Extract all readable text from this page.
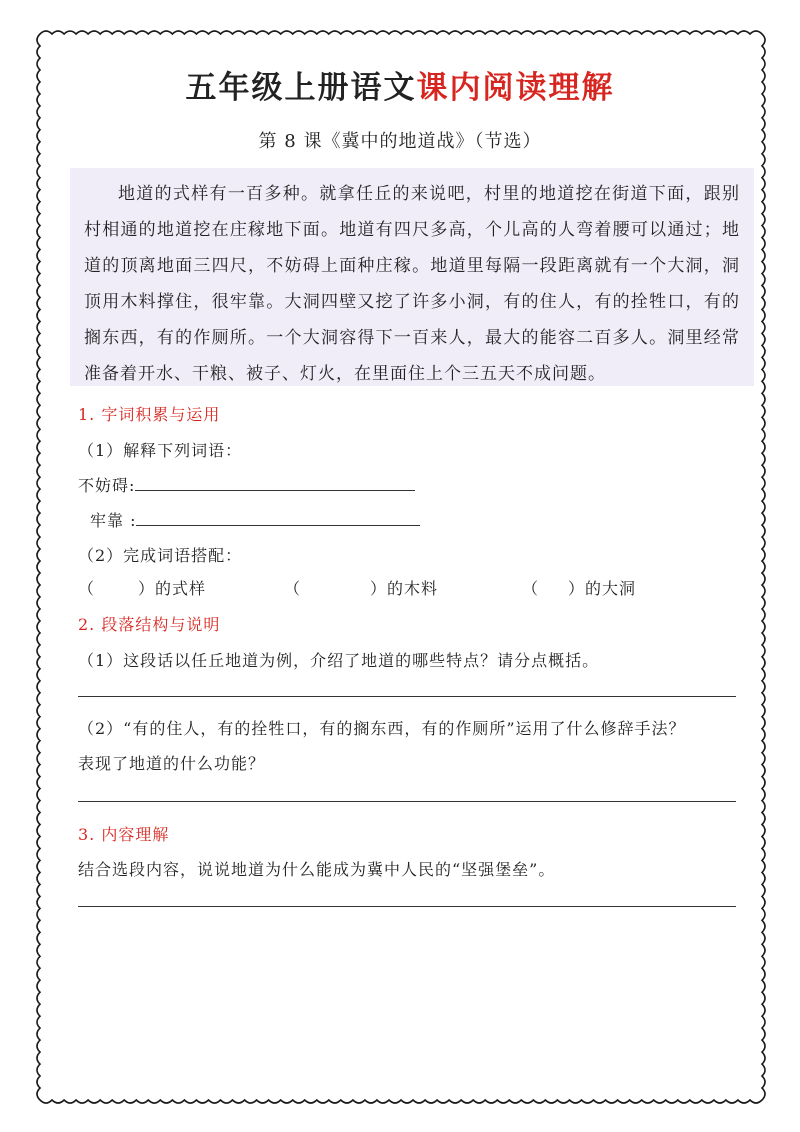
五年级上册语文课内阅读理解
第 8 课《冀中的地道战》（节选）

地道的式样有一百多种。就拿任丘的来说吧，村里的地道挖在街道下面，跟别村相通的地道挖在庄稼地下面。地道有四尺多高，个儿高的人弯着腰可以通过；地道的顶离地面三四尺，不妨碍上面种庄稼。地道里每隔一段距离就有一个大洞，洞顶用木料撑住，很牢靠。大洞四壁又挖了许多小洞，有的住人，有的拴牲口，有的搁东西，有的作厕所。一个大洞容得下一百来人，最大的能容二百多人。洞里经常准备着开水、干粮、被子、灯火，在里面住上个三五天不成问题。

1. 字词积累与运用
（1）解释下列词语：
不妨碍:
牢靠 :
（2）完成词语搭配：
（	）的式样	（	）的木料	（ ）的大洞
2. 段落结构与说明
（1）这段话以任丘地道为例，介绍了地道的哪些特点？请分点概括。
（2）“有的住人，有的拴牲口，有的搁东西，有的作厕所”运用了什么修辞手法？
表现了地道的什么功能？
3. 内容理解
结合选段内容，说说地道为什么能成为冀中人民的“坚强堡垒”。
